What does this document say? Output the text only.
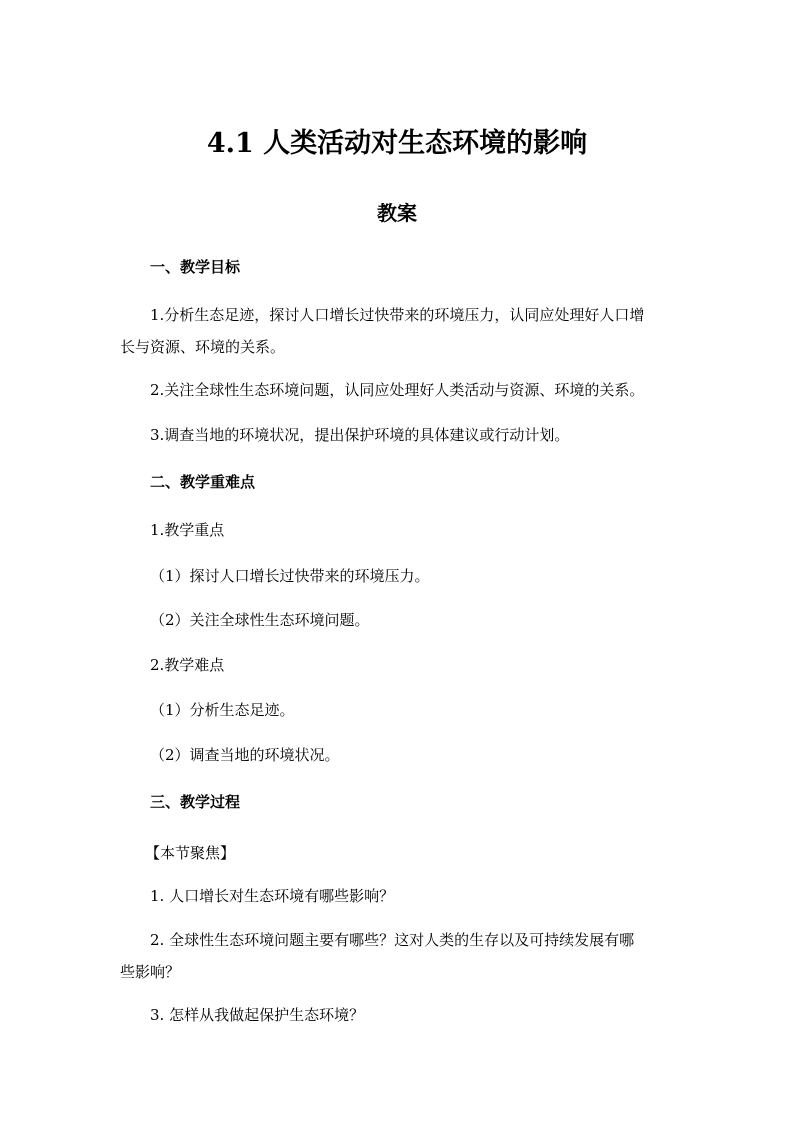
4.1 人类活动对生态环境的影响
教案

一、教学目标

1.分析生态足迹，探讨人口增长过快带来的环境压力，认同应处理好人口增

长与资源、环境的关系。

2.关注全球性生态环境问题，认同应处理好人类活动与资源、环境的关系。

3.调查当地的环境状况，提出保护环境的具体建议或行动计划。

二、教学重难点

1.教学重点

（1）探讨人口增长过快带来的环境压力。

（2）关注全球性生态环境问题。

2.教学难点

（1）分析生态足迹。

（2）调查当地的环境状况。

三、教学过程

【本节聚焦】

1. 人口增长对生态环境有哪些影响？

2. 全球性生态环境问题主要有哪些？这对人类的生存以及可持续发展有哪

些影响？

3. 怎样从我做起保护生态环境？
